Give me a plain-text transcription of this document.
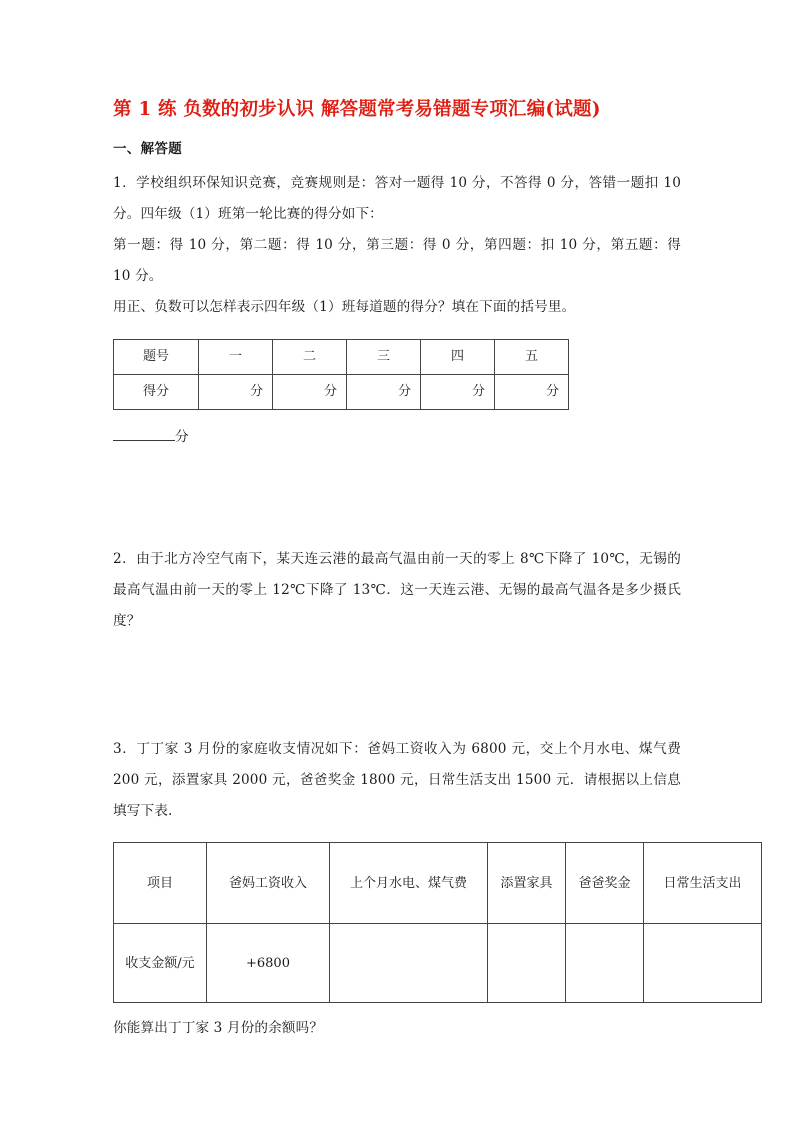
第 1 练 负数的初步认识 解答题常考易错题专项汇编(试题)
一、解答题

1．学校组织环保知识竞赛，竞赛规则是：答对一题得 10 分，不答得 0 分，答错一题扣 10 分。四年级（1）班第一轮比赛的得分如下：

第一题：得 10 分，第二题：得 10 分，第三题：得 0 分，第四题：扣 10 分，第五题：得 10 分。

用正、负数可以怎样表示四年级（1）班每道题的得分？填在下面的括号里。

题号	一	二	三	四	五
得分	分	分	分	分	分
分

2．由于北方冷空气南下，某天连云港的最高气温由前一天的零上 8℃下降了 10℃，无锡的最高气温由前一天的零上 12℃下降了 13℃．这一天连云港、无锡的最高气温各是多少摄氏度？

3．丁丁家 3 月份的家庭收支情况如下：爸妈工资收入为 6800 元，交上个月水电、煤气费 200 元，添置家具 2000 元，爸爸奖金 1800 元，日常生活支出 1500 元．请根据以上信息填写下表.

项目	爸妈工资收入	上个月水电、煤气费	添置家具	爸爸奖金	日常生活支出
收支金额/元	+6800				

你能算出丁丁家 3 月份的余额吗？
